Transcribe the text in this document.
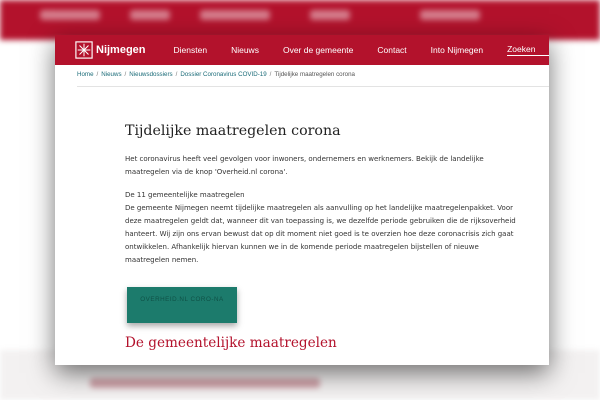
Nijmegen	Diensten	Nieuws	Over de gemeente	Contact	Into Nijmegen	Zoeken
Home / Nieuws / Nieuwsdossiers / Dossier Coronavirus COVID-19 / Tijdelijke maatregelen corona
Tijdelijke maatregelen corona

Het coronavirus heeft veel gevolgen voor inwoners, ondernemers en werknemers. Bekijk de landelijke maatregelen via de knop 'Overheid.nl corona'.

De 11 gemeentelijke maatregelen

De gemeente Nijmegen neemt tijdelijke maatregelen als aanvulling op het landelijke maatregelenpakket. Voor deze maatregelen geldt dat, wanneer dit van toepassing is, we dezelfde periode gebruiken die de rijksoverheid hanteert. Wij zijn ons ervan bewust dat op dit moment niet goed is te overzien hoe deze coronacrisis zich gaat ontwikkelen. Afhankelijk hiervan kunnen we in de komende periode maatregelen bijstellen of nieuwe maatregelen nemen.

OVERHEID.NL CORO-NA
De gemeentelijke maatregelen
